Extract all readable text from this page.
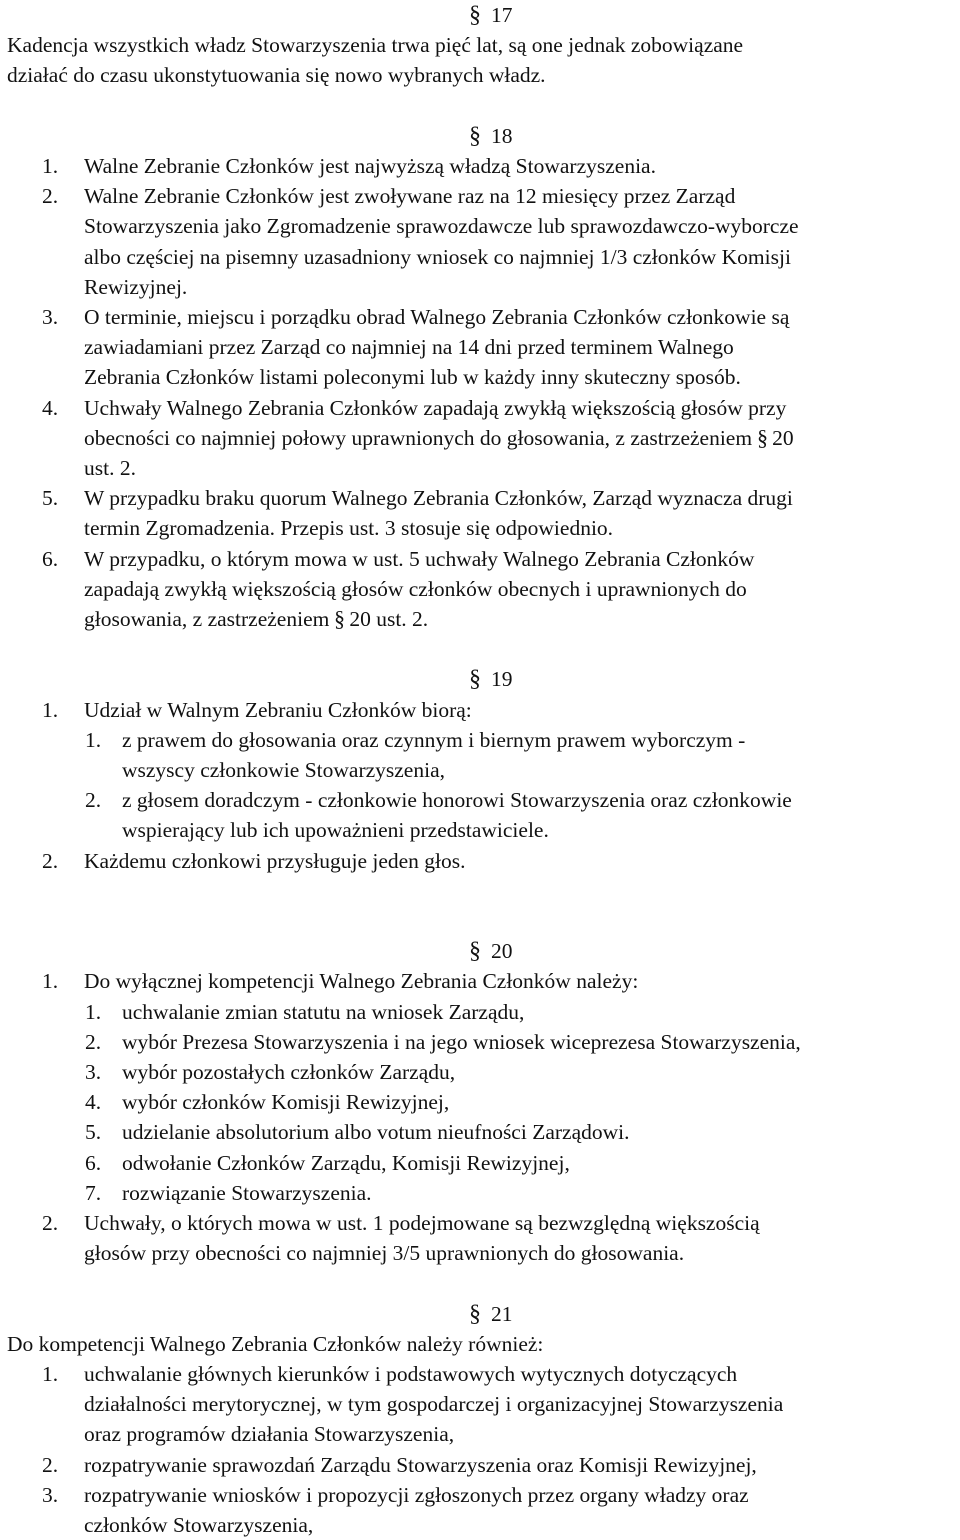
§ 17
Kadencja wszystkich władz Stowarzyszenia trwa pięć lat, są one jednak zobowiązane
działać do czasu ukonstytuowania się nowo wybranych władz.
§ 18
1. Walne Zebranie Członków jest najwyższą władzą Stowarzyszenia.
2. Walne Zebranie Członków jest zwoływane raz na 12 miesięcy przez Zarząd
Stowarzyszenia jako Zgromadzenie sprawozdawcze lub sprawozdawczo-wyborcze
albo częściej na pisemny uzasadniony wniosek co najmniej 1/3 członków Komisji
Rewizyjnej.
3. O terminie, miejscu i porządku obrad Walnego Zebrania Członków członkowie są
zawiadamiani przez Zarząd co najmniej na 14 dni przed terminem Walnego
Zebrania Członków listami poleconymi lub w każdy inny skuteczny sposób.
4. Uchwały Walnego Zebrania Członków zapadają zwykłą większością głosów przy
obecności co najmniej połowy uprawnionych do głosowania, z zastrzeżeniem § 20
ust. 2.
5. W przypadku braku quorum Walnego Zebrania Członków, Zarząd wyznacza drugi
termin Zgromadzenia. Przepis ust. 3 stosuje się odpowiednio.
6. W przypadku, o którym mowa w ust. 5 uchwały Walnego Zebrania Członków
zapadają zwykłą większością głosów członków obecnych i uprawnionych do
głosowania, z zastrzeżeniem § 20 ust. 2.
§ 19
1. Udział w Walnym Zebraniu Członków biorą:
1. z prawem do głosowania oraz czynnym i biernym prawem wyborczym -
wszyscy członkowie Stowarzyszenia,
2. z głosem doradczym - członkowie honorowi Stowarzyszenia oraz członkowie
wspierający lub ich upoważnieni przedstawiciele.
2. Każdemu członkowi przysługuje jeden głos.
§ 20
1. Do wyłącznej kompetencji Walnego Zebrania Członków należy:
1. uchwalanie zmian statutu na wniosek Zarządu,
2. wybór Prezesa Stowarzyszenia i na jego wniosek wiceprezesa Stowarzyszenia,
3. wybór pozostałych członków Zarządu,
4. wybór członków Komisji Rewizyjnej,
5. udzielanie absolutorium albo votum nieufności Zarządowi.
6. odwołanie Członków Zarządu, Komisji Rewizyjnej,
7. rozwiązanie Stowarzyszenia.
2. Uchwały, o których mowa w ust. 1 podejmowane są bezwzględną większością
głosów przy obecności co najmniej 3/5 uprawnionych do głosowania.
§ 21
Do kompetencji Walnego Zebrania Członków należy również:
1. uchwalanie głównych kierunków i podstawowych wytycznych dotyczących
działalności merytorycznej, w tym gospodarczej i organizacyjnej Stowarzyszenia
oraz programów działania Stowarzyszenia,
2. rozpatrywanie sprawozdań Zarządu Stowarzyszenia oraz Komisji Rewizyjnej,
3. rozpatrywanie wniosków i propozycji zgłoszonych przez organy władzy oraz
członków Stowarzyszenia,
